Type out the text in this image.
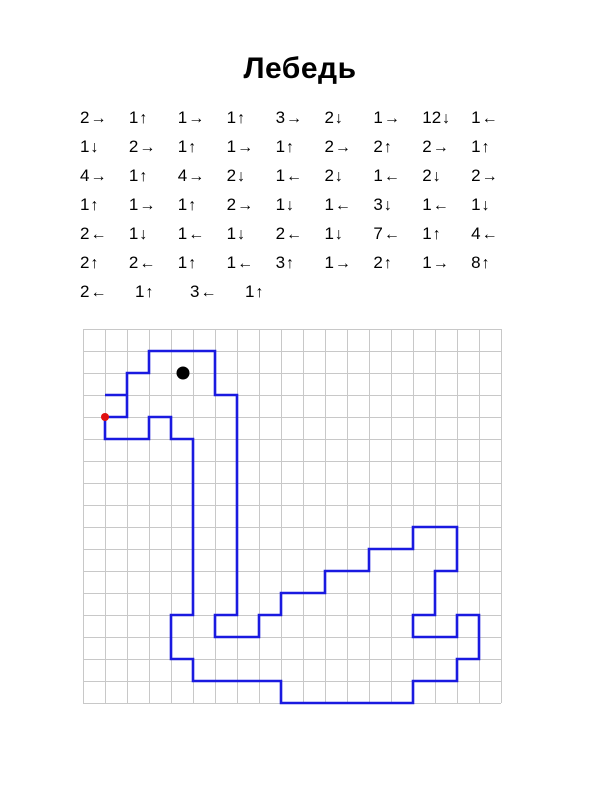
Лебедь
2→	1↑	1→	1↑	3→	2↓	1→	12↓	1←
1↓	2→	1↑	1→	1↑	2→	2↑	2→	1↑
4→	1↑	4→	2↓	1←	2↓	1←	2↓	2→
1↑	1→	1↑	2→	1↓	1←	3↓	1←	1↓
2←	1↓	1←	1↓	2←	1↓	7←	1↑	4←
2↑	2←	1↑	1←	3↑	1→	2↑	1→	8↑
2←	1↑	3←	1↑
